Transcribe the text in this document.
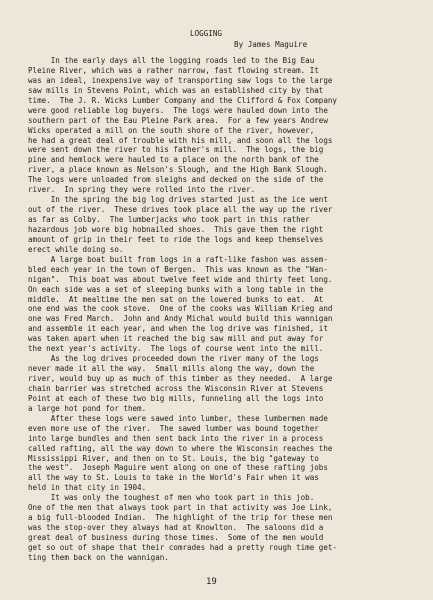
LOGGING
By James Maguire
In the early days all the logging roads led to the Big Eau
Pleine River, which was a rather narrow, fast flowing stream. It
was an ideal, inexpensive way of transporting saw logs to the large
saw mills in Stevens Point, which was an established city by that
time.  The J. R. Wicks Lumber Company and the Clifford & Fox Company
were good reliable log buyers.  The logs were hauled down into the
southern part of the Eau Pleine Park area.  For a few years Andrew
Wicks operated a mill on the south shore of the river, however,
he had a great deal of trouble with his mill, and soon all the logs
were sent down the river to his father's mill.  The logs, the big
pine and hemlock were hauled to a place on the north bank of the
river, a place known as Nelson's Slough, and the High Bank Slough.
The logs were unloaded from sleighs and decked on the side of the
river.  In spring they were rolled into the river.
In the spring the big log drives started just as the ice went
out of the river.  These drives took place all the way up the river
as far as Colby.  The lumberjacks who took part in this rather
hazardous job wore big hobnailed shoes.  This gave them the right
amount of grip in their feet to ride the logs and keep themselves
erect while doing so.
A large boat built from logs in a raft-like fashon was assem-
bled each year in the town of Bergen.  This was known as the "Wan-
nigan".  This boat was about twelve feet wide and thirty feet long.
On each side was a set of sleeping bunks with a long table in the
middle.  At mealtime the men sat on the lowered bunks to eat.  At
one end was the cook stove.  One of the cooks was William Krieg and
one was Fred March.  John and Andy Michal would build this wannigan
and assemble it each year, and when the log drive was finished, it
was taken apart when it reached the big saw mill and put away for
the next year's activity.  The logs of course went into the mill.
As the log drives proceeded down the river many of the logs
never made it all the way.  Small mills along the way, down the
river, would buy up as much of this timber as they needed.  A large
chain barrier was stretched across the Wisconsin River at Stevens
Point at each of these two big mills, funneling all the logs into
a large hot pond for them.
After these logs were sawed into lumber, these lumbermen made
even more use of the river.  The sawed lumber was bound together
into large bundles and then sent back into the river in a process
called rafting, all the way down to where the Wisconsin reaches the
Mississippi River, and then on to St. Louis, the big "gateway to
the west".  Joseph Maguire went along on one of these rafting jobs
all the way to St. Louis to take in the World's Fair when it was
held in that city in 1904.
It was only the toughest of men who took part in this job.
One of the men that always took part in that activity was Joe Link,
a big full-blooded Indian.  The highlight of the trip for these men
was the stop-over they always had at Knowlton.  The saloons did a
great deal of business during those times.  Some of the men would
get so out of shape that their comrades had a pretty rough time get-
ting them back on the wannigan.
19
